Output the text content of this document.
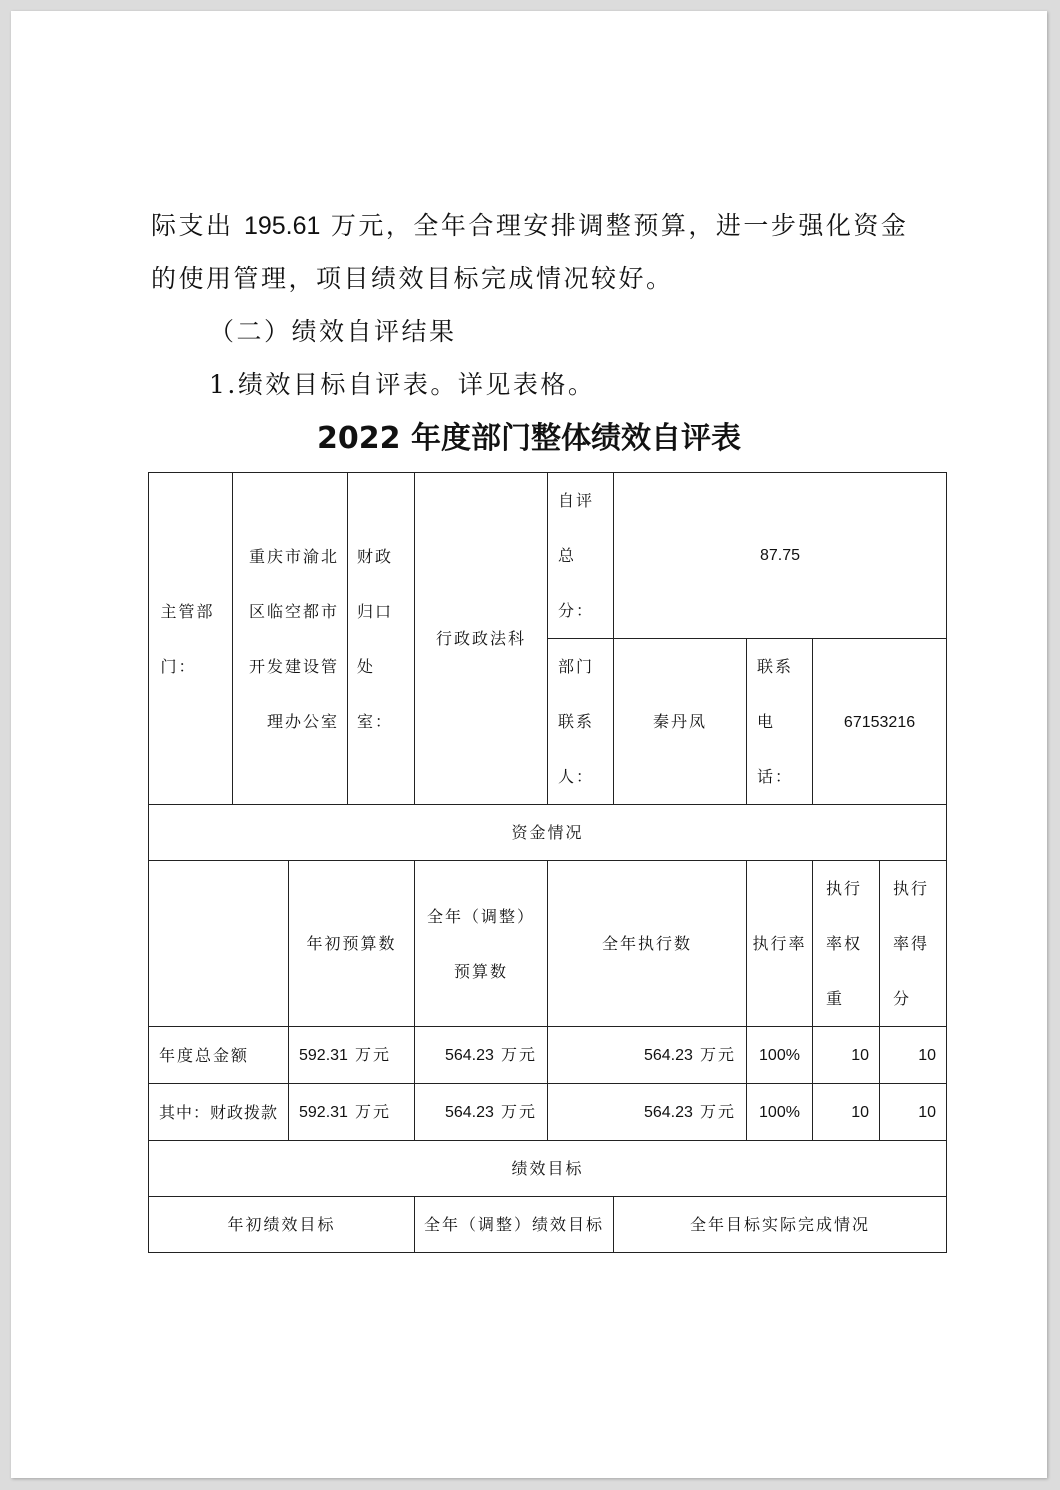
际支出 195.61 万元，全年合理安排调整预算，进一步强化资金
的使用管理，项目绩效目标完成情况较好。
（二）绩效自评结果
1.绩效目标自评表。详见表格。
2022 年度部门整体绩效自评表
主管部门：	重庆市渝北区临空都市开发建设管理办公室		财政归口处室：	行政政法科	自评总分：	87.75			
					部门联系人：	秦丹凤	联系电话：	67153216	
资金情况									
		年初预算数		全年（调整）预算数	全年执行数		执行率	执行率权重	执行率得分
年度总金额		592.31 万元		564.23 万元	564.23 万元		100%	10	10
其中：财政拨款		592.31 万元		564.23 万元	564.23 万元		100%	10	10
绩效目标									
年初绩效目标				全年（调整）绩效目标		全年目标实际完成情况			
